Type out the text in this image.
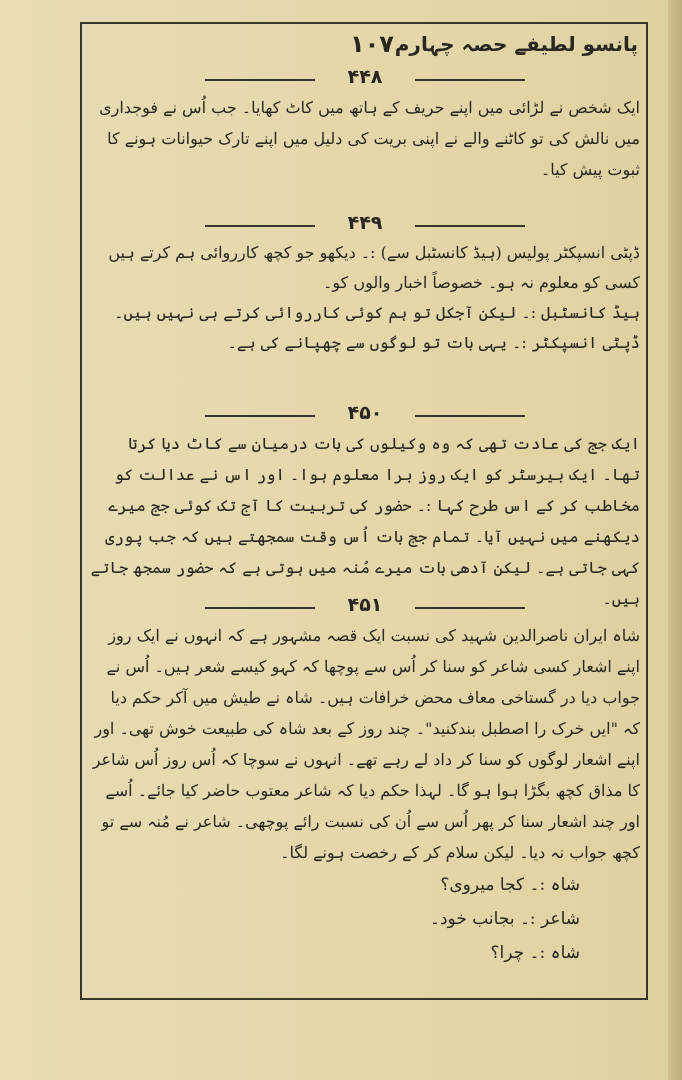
۱۰۷ پانسو لطیفے حصہ چہارم
۴۴۸
ایک شخص نے لڑائی میں اپنے حریف کے ہاتھ میں کاٹ کھایا۔ جب اُس نے فوجداری میں نالش کی تو کاٹنے والے نے اپنی بریت کی دلیل میں اپنے تارک حیوانات ہونے کا ثبوت پیش کیا۔
۴۴۹
ڈپٹی انسپکٹر پولیس (ہیڈ کانسٹبل سے) :۔ دیکھو جو کچھ کارروائی ہم کرتے ہیں کسی کو معلوم نہ ہو۔ خصوصاً اخبار والوں کو۔
ہیڈ کانسٹبل :۔ لیکن آجکل تو ہم کوئی کارروائی کرتے ہی نہیں ہیں۔
ڈپٹی انسپکٹر :۔ یہی بات تو لوگوں سے چھپانے کی ہے۔
۴۵۰
ایک جج کی عادت تھی کہ وہ وکیلوں کی بات درمیان سے کاٹ دیا کرتا تھا۔ ایک بیرسٹر کو ایک روز برا معلوم ہوا۔ اور اس نے عدالت کو مخاطب کر کے اس طرح کہا :۔ حضور کی تربیت کا آج تک کوئی جج میرے دیکھنے میں نہیں آیا۔ تمام جج بات اُس وقت سمجھتے ہیں کہ جب پوری کہی جاتی ہے۔ لیکن آدھی بات میرے مُنہ میں ہوتی ہے کہ حضور سمجھ جاتے ہیں۔
۴۵۱
شاہ ایران ناصرالدین شہید کی نسبت ایک قصہ مشہور ہے کہ انہوں نے ایک روز اپنے اشعار کسی شاعر کو سنا کر اُس سے پوچھا کہ کہو کیسے شعر ہیں۔ اُس نے جواب دیا در گستاخی معاف محض خرافات ہیں۔ شاہ نے طیش میں آکر حکم دیا کہ "ایں خرک را اصطبل بندکنید"۔ چند روز کے بعد شاہ کی طبیعت خوش تھی۔ اور اپنے اشعار لوگوں کو سنا کر داد لے رہے تھے۔ انہوں نے سوچا کہ اُس روز اُس شاعر کا مذاق کچھ بگڑا ہوا ہو گا۔ لہذا حکم دیا کہ شاعر معتوب حاضر کیا جائے۔ اُسے اور چند اشعار سنا کر پھر اُس سے اُن کی نسبت رائے پوچھی۔ شاعر نے مُنہ سے تو کچھ جواب نہ دیا۔ لیکن سلام کر کے رخصت ہونے لگا۔
شاہ :۔ کجا میروی؟
شاعر :۔ بجانب خود۔
شاہ :۔ چرا؟
